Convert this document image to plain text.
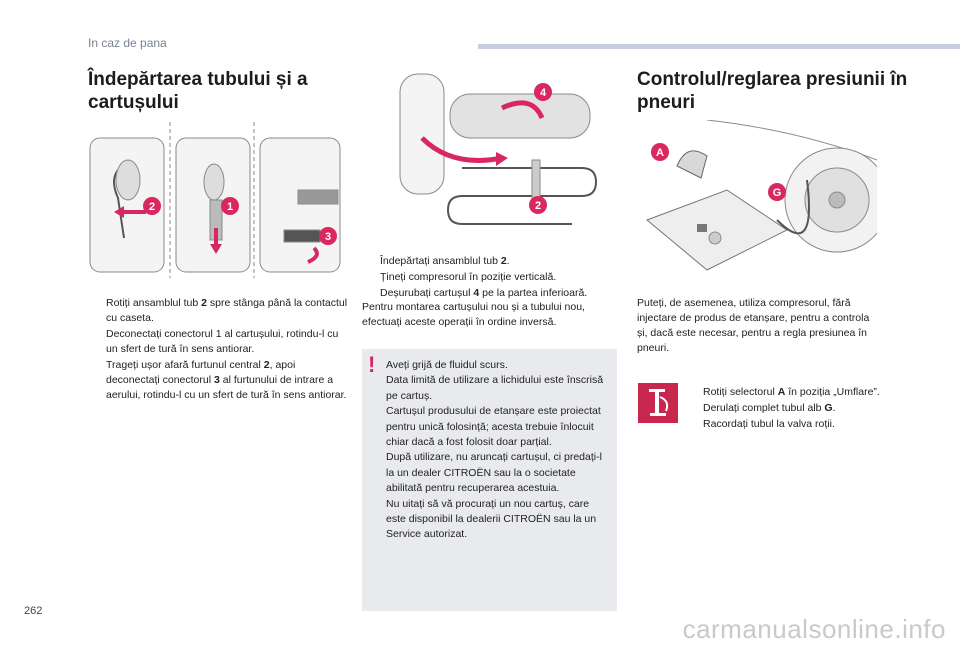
In caz de pana
Îndepărtarea tubului și a cartușului
2	1
3
Rotiți ansamblul tub 2 spre stânga până la contactul cu caseta.
Deconectați conectorul 1 al cartușului, rotindu-l cu un sfert de tură în sens antiorar.
Trageți ușor afară furtunul central 2, apoi deconectați conectorul 3 al furtunului de intrare a aerului, rotindu-l cu un sfert de tură în sens antiorar.
4
2
Îndepărtați ansamblul tub 2.
Țineți compresorul în poziție verticală.
Deșurubați cartușul 4 pe la partea inferioară.
Pentru montarea cartușului nou și a tubului nou, efectuați aceste operații în ordine inversă.
!	Aveți grijă de fluidul scurs.
Data limită de utilizare a lichidului este înscrisă pe cartuș.
Cartușul produsului de etanșare este proiectat pentru unică folosință; acesta trebuie înlocuit chiar dacă a fost folosit doar parțial.
După utilizare, nu aruncați cartușul, ci predați-l la un dealer CITROËN sau la o societate abilitată pentru recuperarea acestuia.
Nu uitați să vă procurați un nou cartuș, care este disponibil la dealerii CITROËN sau la un Service autorizat.
Controlul/reglarea presiunii în pneuri
A
G
Puteți, de asemenea, utiliza compresorul, fără injectare de produs de etanșare, pentru a controla și, dacă este necesar, pentru a regla presiunea în pneuri.
Rotiți selectorul A în poziția „Umflare”.
Derulați complet tubul alb G.
Racordați tubul la valva roții.
262
carmanualsonline.info
